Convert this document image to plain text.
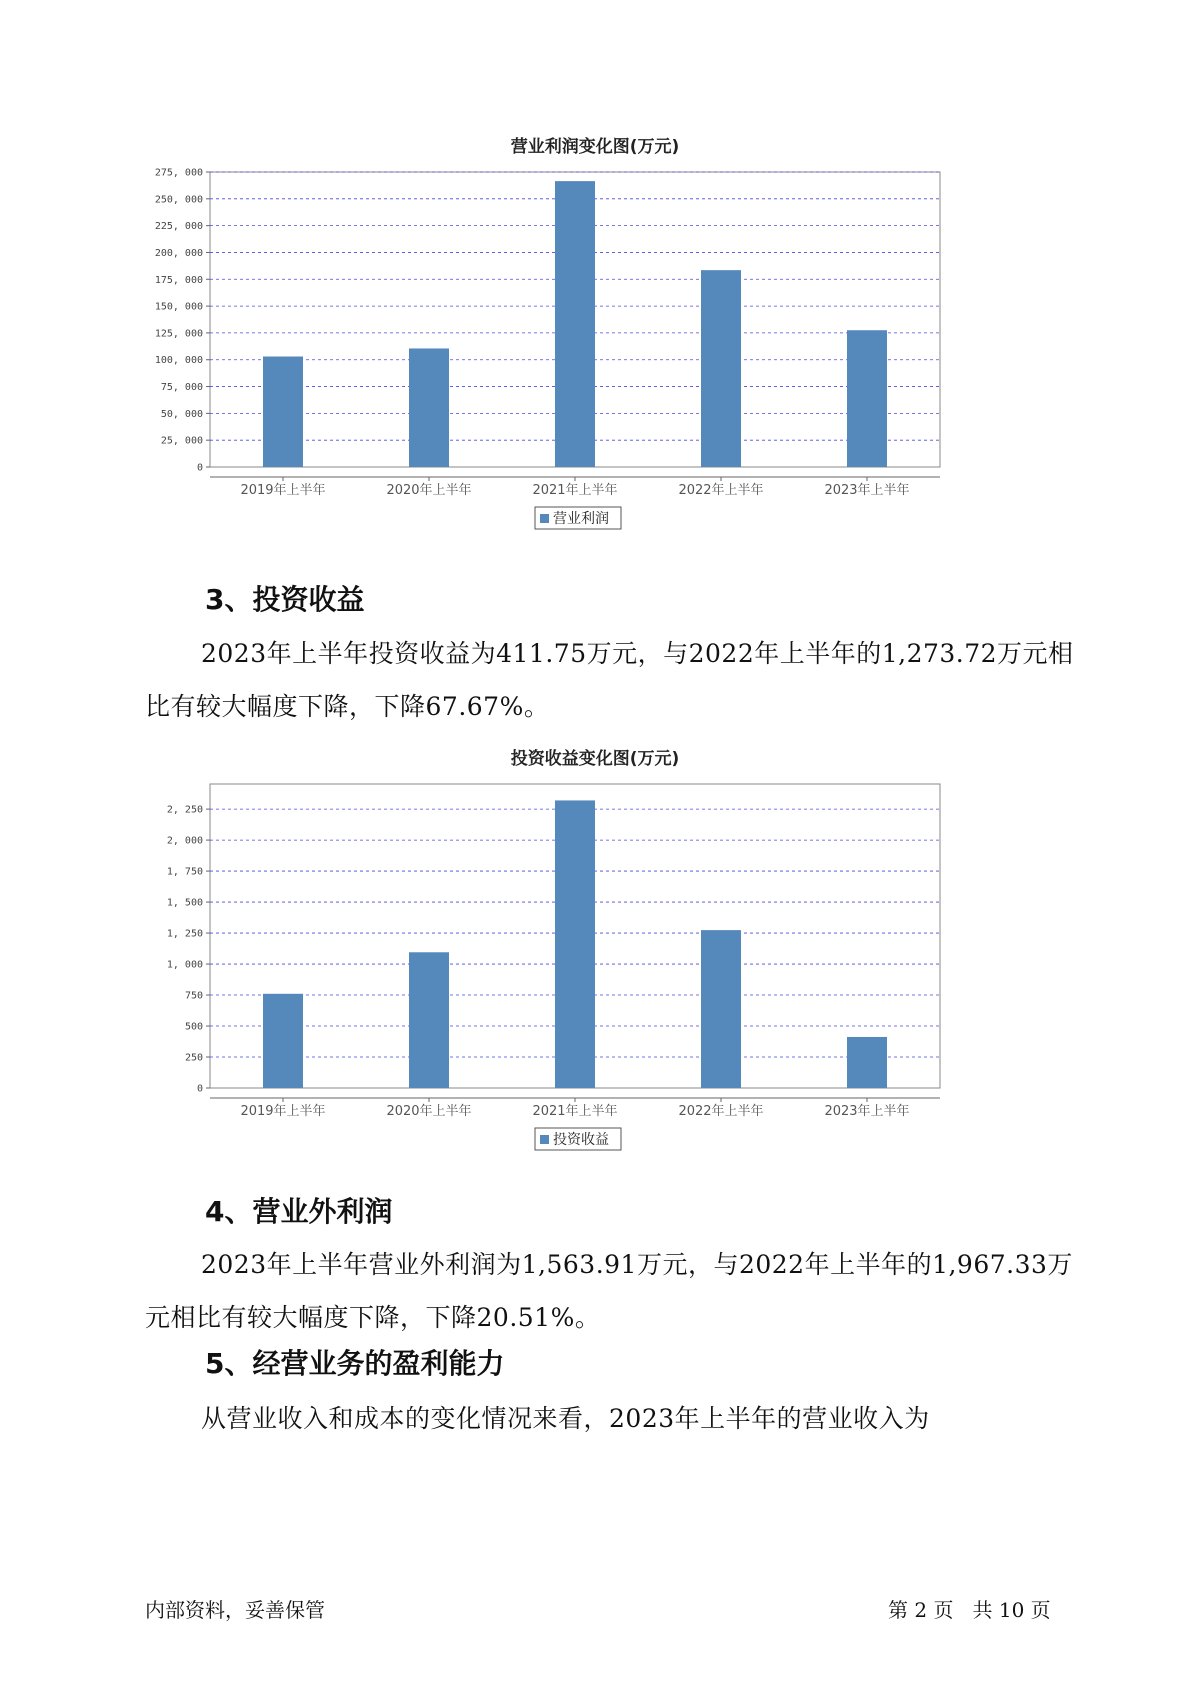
营业利润变化图(万元)
0
25, 000
50, 000
75, 000
100, 000
125, 000
150, 000
175, 000
200, 000
225, 000
250, 000
275, 000
2019年上半年	2020年上半年	2021年上半年	2022年上半年	2023年上半年
营业利润
3、投资收益

2023年上半年投资收益为411.75万元，与2022年上半年的1,273.72万元相比有较大幅度下降，下降67.67%。

投资收益变化图(万元)
0
250
500
750
1, 000
1, 250
1, 500
1, 750
2, 000
2, 250
2019年上半年	2020年上半年	2021年上半年	2022年上半年	2023年上半年
投资收益
4、营业外利润

2023年上半年营业外利润为1,563.91万元，与2022年上半年的1,967.33万元相比有较大幅度下降，下降20.51%。

5、经营业务的盈利能力

从营业收入和成本的变化情况来看，2023年上半年的营业收入为

内部资料，妥善保管	第 2 页   共 10 页
